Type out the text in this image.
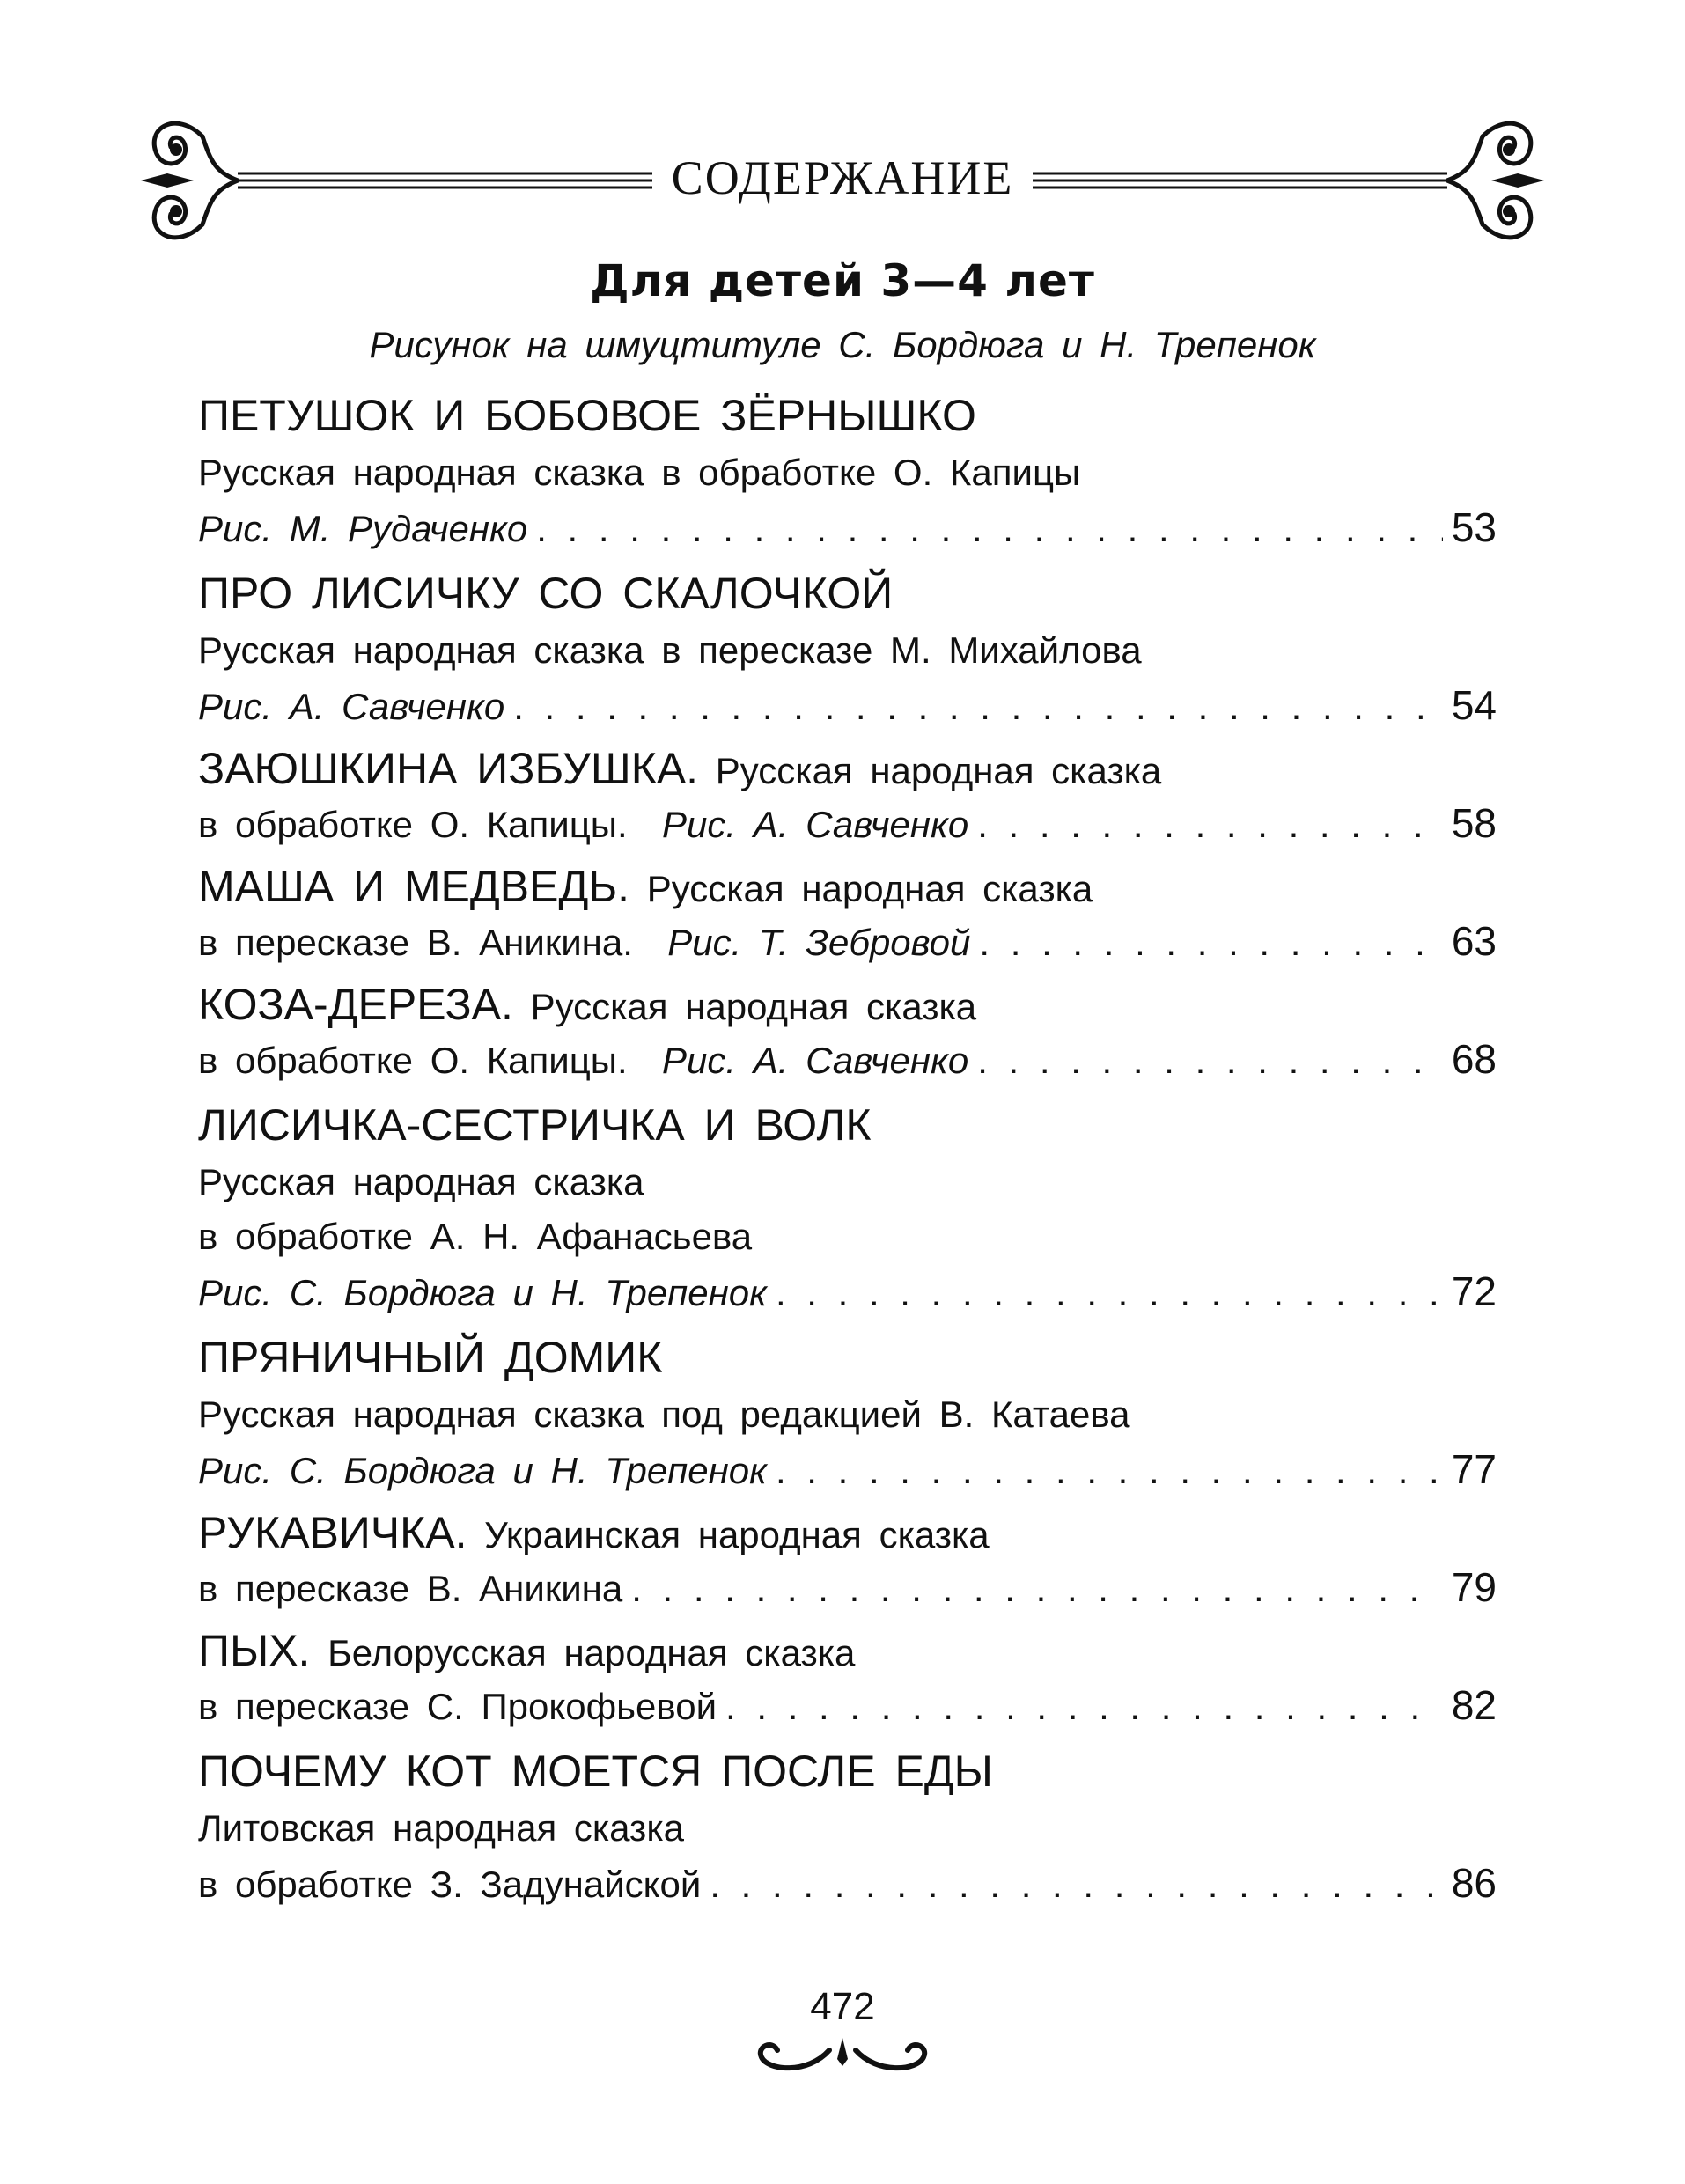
СОДЕРЖАНИЕ
Для детей 3—4 лет
Рисунок на шмуцтитуле С. Бордюга и Н. Трепенок
ПЕТУШОК И БОБОВОЕ ЗЁРНЫШКО
Русская народная сказка в обработке О. Капицы
Рис. М. Рудаченко . . .	53
ПРО ЛИСИЧКУ СО СКАЛОЧКОЙ
Русская народная сказка в пересказе М. Михайлова
Рис. А. Савченко . . .	54
ЗАЮШКИНА ИЗБУШКА. Русская народная сказка
в обработке О. Капицы. Рис. А. Савченко . . .	58
МАША И МЕДВЕДЬ. Русская народная сказка
в пересказе В. Аникина. Рис. Т. Зебровой . . .	63
КОЗА-ДЕРЕЗА. Русская народная сказка
в обработке О. Капицы. Рис. А. Савченко . . .	68
ЛИСИЧКА-СЕСТРИЧКА И ВОЛК
Русская народная сказка
в обработке А. Н. Афанасьева
Рис. С. Бордюга и Н. Трепенок . . .	72
ПРЯНИЧНЫЙ ДОМИК
Русская народная сказка под редакцией В. Катаева
Рис. С. Бордюга и Н. Трепенок . . .	77
РУКАВИЧКА. Украинская народная сказка
в пересказе В. Аникина . . .	79
ПЫХ. Белорусская народная сказка
в пересказе С. Прокофьевой . . .	82
ПОЧЕМУ КОТ МОЕТСЯ ПОСЛЕ ЕДЫ
Литовская народная сказка
в обработке З. Задунайской . . .	86
472
